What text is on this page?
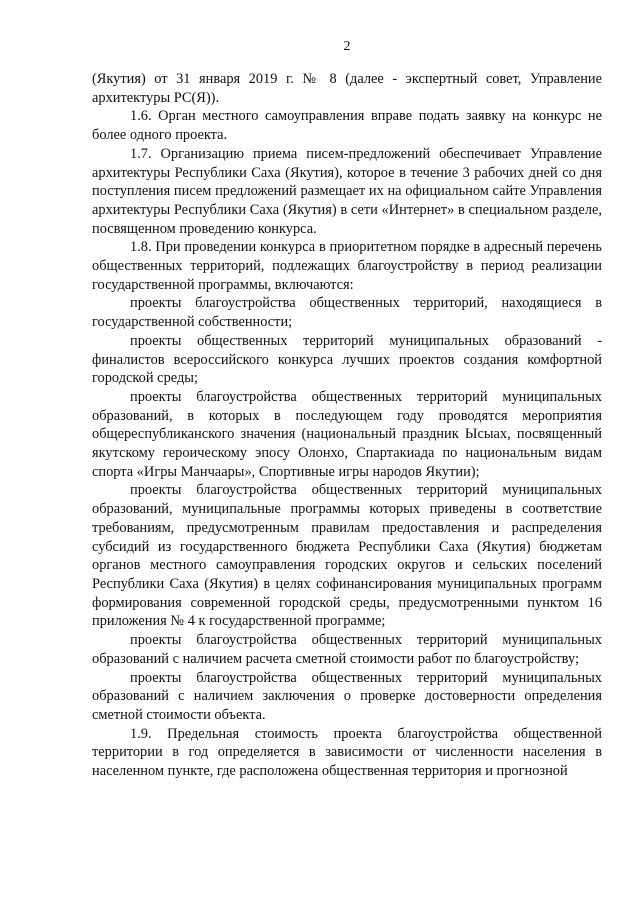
2

(Якутия) от 31 января 2019 г. № 8 (далее - экспертный совет, Управление архитектуры РС(Я)).

1.6. Орган местного самоуправления вправе подать заявку на конкурс не более одного проекта.

1.7. Организацию приема писем-предложений обеспечивает Управление архитектуры Республики Саха (Якутия), которое в течение 3 рабочих дней со дня поступления писем предложений размещает их на официальном сайте Управления архитектуры Республики Саха (Якутия) в сети «Интернет» в специальном разделе, посвященном проведению конкурса.

1.8. При проведении конкурса в приоритетном порядке в адресный перечень общественных территорий, подлежащих благоустройству в период реализации государственной программы, включаются:

проекты благоустройства общественных территорий, находящиеся в государственной собственности;

проекты общественных территорий муниципальных образований - финалистов всероссийского конкурса лучших проектов создания комфортной городской среды;

проекты благоустройства общественных территорий муниципальных образований, в которых в последующем году проводятся мероприятия общереспубликанского значения (национальный праздник Ысыах, посвященный якутскому героическому эпосу Олонхо, Спартакиада по национальным видам спорта «Игры Манчаары», Спортивные игры народов Якутии);

проекты благоустройства общественных территорий муниципальных образований, муниципальные программы которых приведены в соответствие требованиям, предусмотренным правилам предоставления и распределения субсидий из государственного бюджета Республики Саха (Якутия) бюджетам органов местного самоуправления городских округов и сельских поселений Республики Саха (Якутия) в целях софинансирования муниципальных программ формирования современной городской среды, предусмотренными пунктом 16 приложения № 4 к государственной программе;

проекты благоустройства общественных территорий муниципальных образований с наличием расчета сметной стоимости работ по благоустройству;

проекты благоустройства общественных территорий муниципальных образований с наличием заключения о проверке достоверности определения сметной стоимости объекта.

1.9. Предельная стоимость проекта благоустройства общественной территории в год определяется в зависимости от численности населения в населенном пункте, где расположена общественная территория и прогнозной
